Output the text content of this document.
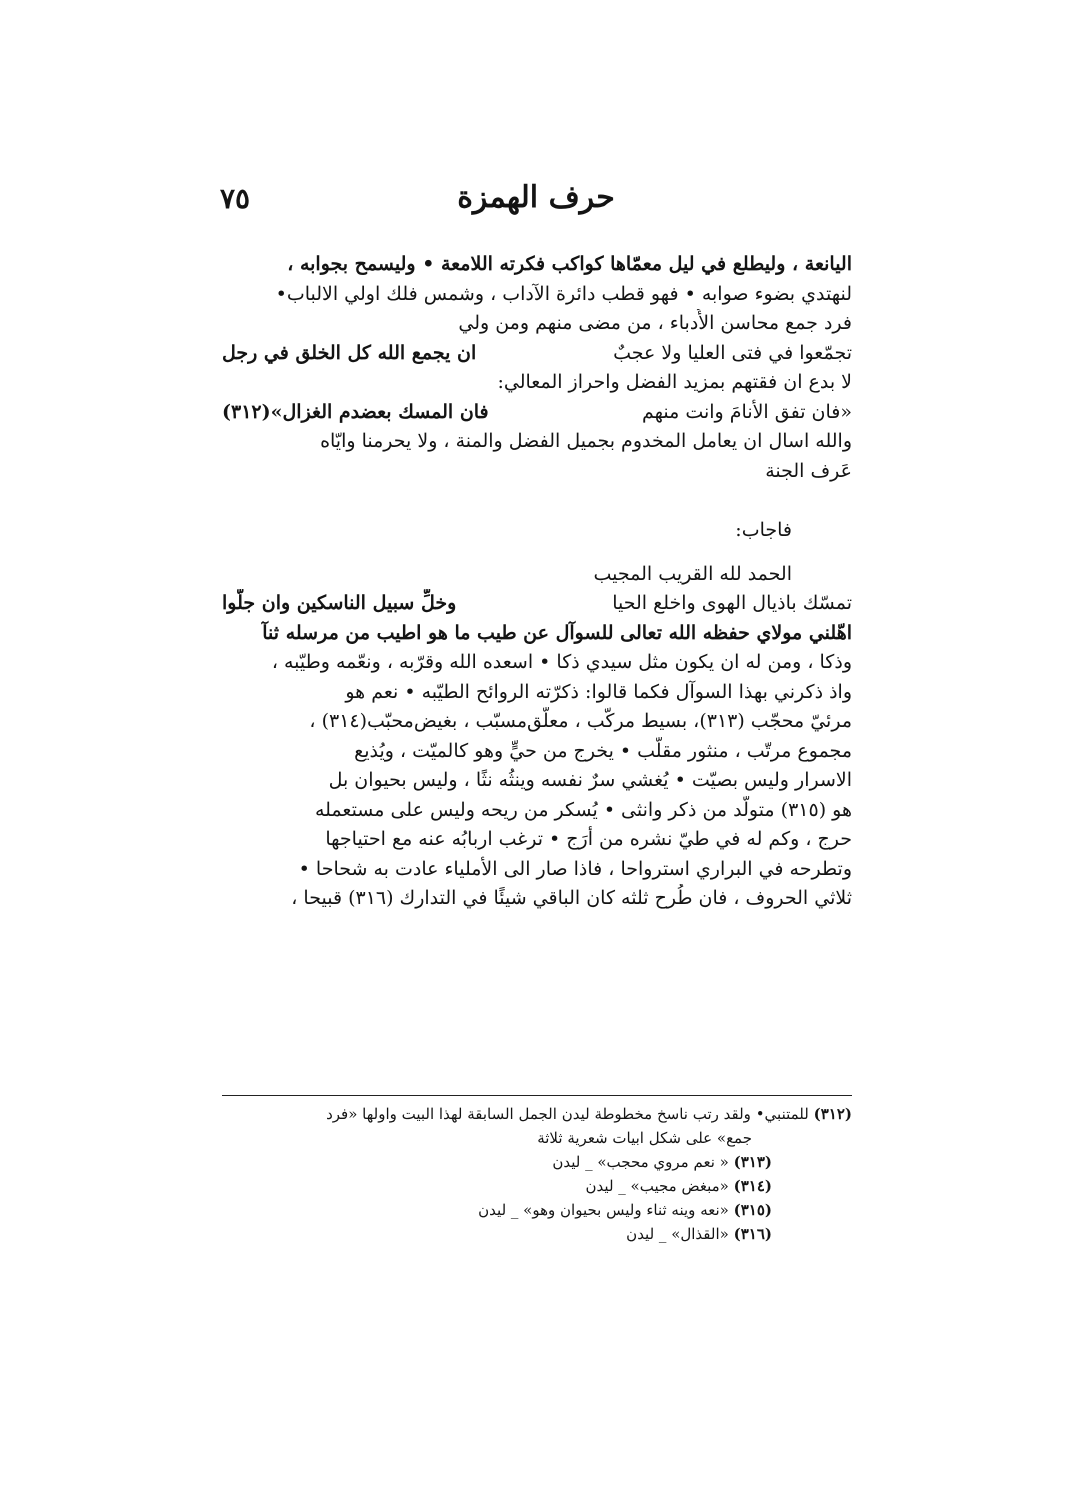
حرف الهمزة
٧٥
اليانعة ، وليطلع في ليل معمّاها كواكب فكرته اللامعة • وليسمح بجوابه ،
لنهتدي بضوء صوابه • فهو قطب دائرة الآداب ، وشمس فلك اولي الالباب•
فرد جمع محاسن الأُدباء ، من مضى منهم ومن ولي
تجمّعوا في فتى العليا ولا عجبٌ
ان يجمع الله كل الخلق في رجل
لا بدع ان فقتهم بمزيد الفضل واحراز المعالي:
«فان تفق الأنامَ وانت منهم
فان المسك بعضدم الغزال»(٣١٢)
والله اسال ان يعامل المخدوم بجميل الفضل والمنة ، ولا يحرمنا وايّاه
عَرف الجنة
فاجاب:
الحمد لله القريب المجيب
تمسّك باذيال الهوى واخلع الحيا
وخلِّ سبيل الناسكين وان جلّوا
اهّلني مولاي حفظه الله تعالى للسوآل عن طيب ما هو اطيب من مرسله ثنآ
وذكا ، ومن له ان يكون مثل سيدي ذكا • اسعده الله وقرّبه ، ونعّمه وطيّبه ،
واذ ذكرني بهذا السوآل فكما قالوا: ذكرّته الروائح الطيّبه • نعم هو
مرئيّ محجّب (٣١٣)، بسيط مركّب ، معلّق‌مسبّب ، بغيض‌محبّب(٣١٤) ،
مجموع مرتّب ، منثور مقلّب • يخرج من حيٍّ وهو كالميّت ، ويُذيع
الاسرار وليس بصيّت • يُغشي سرٌ نفسه وينثُه نثًا ، وليس بحيوان بل
هو (٣١٥) متولّد من ذكر وانثى • يُسكر من ريحه وليس على مستعمله
حرج ، وكم له في طيّ نشره من أرَج • ترغب اربابُه عنه مع احتياجها
وتطرحه في البراري استرواحا ، فاذا صار الى الأملياء عادت به شحاحا •
ثلاثي الحروف ، فان طُرح ثلثه كان الباقي شيئًا في التدارك (٣١٦) قبيحا ،
(٣١٢) للمتنبي• ولقد رتب ناسخ مخطوطة ليدن الجمل السابقة لهذا البيت واولها «فرد
جمع» على شكل ابيات شعرية ثلاثة
(٣١٣) « نعم مروي محجب» _ ليدن
(٣١٤) «مبغض مجيب» _ ليدن
(٣١٥) «نعه وينه ثناء وليس بحيوان وهو» _ ليدن
(٣١٦) «القذال» _ ليدن
